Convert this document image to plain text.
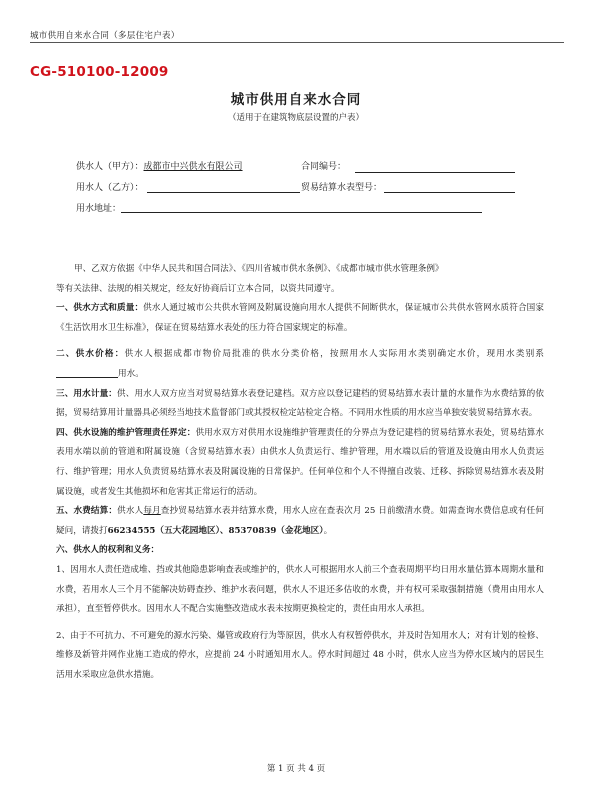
城市供用自来水合同（多层住宅户表）
CG-510100-12009
城市供用自来水合同
（适用于在建筑物底层设置的户表）
供水人（甲方）：成都市中兴供水有限公司	合同编号：
用水人（乙方）：	贸易结算水表型号：
用水地址：

甲、乙双方依据《中华人民共和国合同法》、《四川省城市供水条例》、《成都市城市供水管理条例》

等有关法律、法规的相关规定，经友好协商后订立本合同，以资共同遵守。

一、供水方式和质量：供水人通过城市公共供水管网及附属设施向用水人提供不间断供水，保证城市公共供水管网水质符合国家《生活饮用水卫生标准》，保证在贸易结算水表处的压力符合国家规定的标准。

二、供水价格：供水人根据成都市物价局批准的供水分类价格，按照用水人实际用水类别确定水价，现用水类别系用水。

三、用水计量：供、用水人双方应当对贸易结算水表登记建档。双方应以登记建档的贸易结算水表计量的水量作为水费结算的依据，贸易结算用计量器具必须经当地技术监督部门或其授权检定站检定合格。不同用水性质的用水应当单独安装贸易结算水表。

四、供水设施的维护管理责任界定：供用水双方对供用水设施维护管理责任的分界点为登记建档的贸易结算水表处，贸易结算水表用水端以前的管道和附属设施（含贸易结算水表）由供水人负责运行、维护管理，用水端以后的管道及设施由用水人负责运行、维护管理；用水人负责贸易结算水表及附属设施的日常保护。任何单位和个人不得擅自改装、迁移、拆除贸易结算水表及附属设施，或者发生其他损坏和危害其正常运行的活动。

五、水费结算：供水人每月查抄贸易结算水表并结算水费，用水人应在查表次月 25 日前缴清水费。如需查询水费信息或有任何疑问，请拨打66234555（五大花园地区）、85370839（金花地区）。

六、供水人的权利和义务：

1、因用水人责任造成堆、挡或其他隐患影响查表或维护的，供水人可根据用水人前三个查表周期平均日用水量估算本周期水量和水费，若用水人三个月不能解决妨碍查抄、维护水表问题，供水人不退还多估收的水费，并有权可采取强制措施（费用由用水人承担），直至暂停供水。因用水人不配合实施整改造成水表未按期更换检定的，责任由用水人承担。

2、由于不可抗力、不可避免的源水污染、爆管或政府行为等原因，供水人有权暂停供水，并及时告知用水人；对有计划的检修、维修及新管并网作业施工造成的停水，应提前 24 小时通知用水人。停水时间超过 48 小时，供水人应当为停水区域内的居民生活用水采取应急供水措施。

第 1 页 共 4 页
